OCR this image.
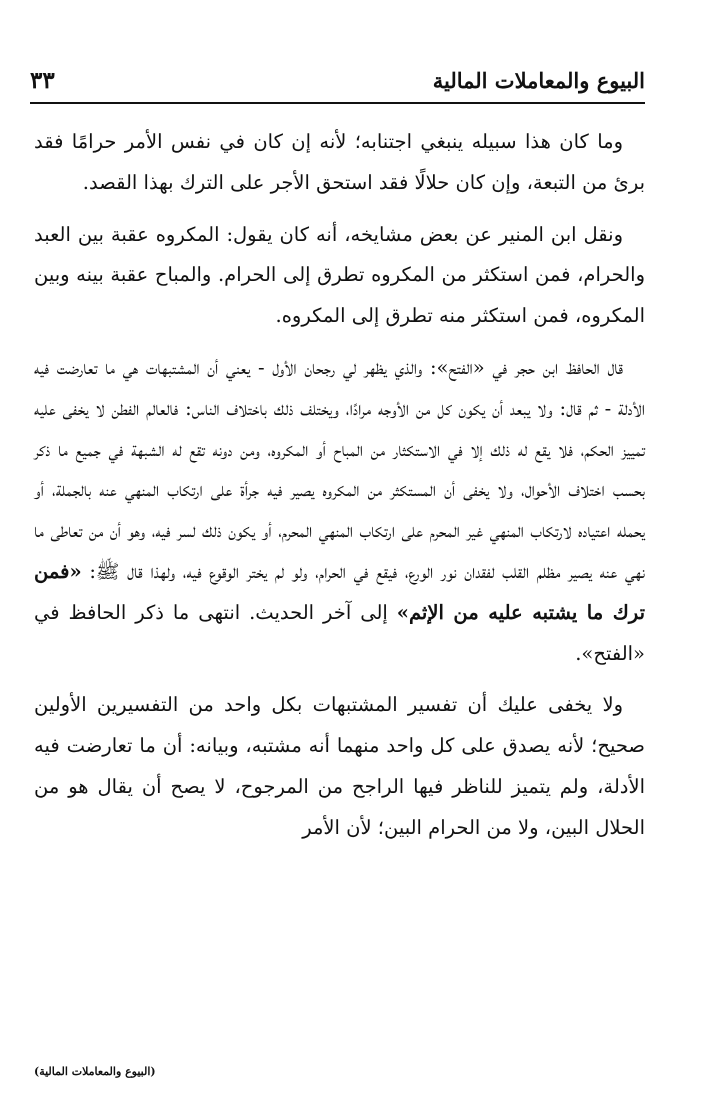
البيوع والمعاملات المالية
٣٣

وما كان هذا سبيله ينبغي اجتنابه؛ لأنه إن كان في نفس الأمر حرامًا فقد برئ من التبعة، وإن كان حلالًا فقد استحق الأجر على الترك بهذا القصد.

ونقل ابن المنير عن بعض مشايخه، أنه كان يقول: المكروه عقبة بين العبد والحرام، فمن استكثر من المكروه تطرق إلى الحرام. والمباح عقبة بينه وبين المكروه، فمن استكثر منه تطرق إلى المكروه.

قال الحافظ ابن حجر في «الفتح»: والذي يظهر لي رجحان الأول - يعني أن المشتبهات هي ما تعارضت فيه الأدلة - ثم قال: ولا يبعد أن يكون كل من الأوجه مرادًا، ويختلف ذلك باختلاف الناس: فالعالم الفطن لا يخفى عليه تمييز الحكم، فلا يقع له ذلك إلا في الاستكثار من المباح أو المكروه، ومن دونه تقع له الشبهة في جميع ما ذكر بحسب اختلاف الأحوال، ولا يخفى أن المستكثر من المكروه يصير فيه جرأة على ارتكاب المنهي عنه بالجملة، أو يحمله اعتياده لارتكاب المنهي غير المحرم على ارتكاب المنهي المحرم، أو يكون ذلك لسر فيه، وهو أن من تعاطى ما نهي عنه يصير مظلم القلب لفقدان نور الورع، فيقع في الحرام، ولو لم يختر الوقوع فيه، ولهذا قال ﷺ: «فمن ترك ما يشتبه عليه من الإثم» إلى آخر الحديث. انتهى ما ذكر الحافظ في «الفتح».

ولا يخفى عليك أن تفسير المشتبهات بكل واحد من التفسيرين الأولين صحيح؛ لأنه يصدق على كل واحد منهما أنه مشتبه، وبيانه: أن ما تعارضت فيه الأدلة، ولم يتميز للناظر فيها الراجح من المرجوح، لا يصح أن يقال هو من الحلال البين، ولا من الحرام البين؛ لأن الأمر

(البيوع والمعاملات المالية)
